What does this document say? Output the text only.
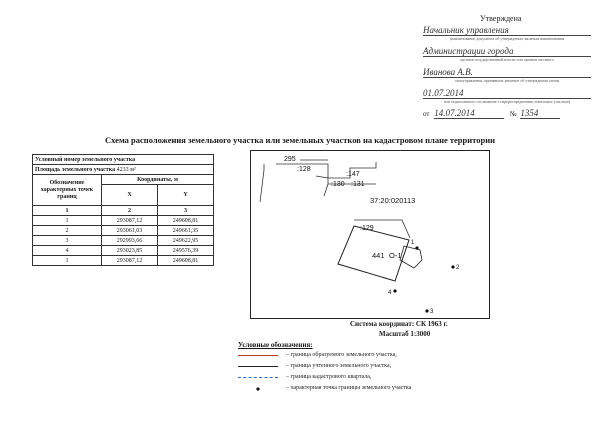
Утверждена
Начальник управления
(наименование документа об утверждении, включая наименования
Администрации города
органов государственной власти или органов местного
Иванова А.В.
самоуправления, принявших решение об утверждении схемы
01.07.2014
или подписавшего соглашение о перераспределении земельных участков)
от 14.07.2014	№ 1354
Схема расположения земельного участка или земельных участков на кадастровом плане территории
Условный номер земельного участка		
Площадь земельного участка 4233 м²		
Обозначение характерных точек границ	Координаты, м	
	X	Y
1	2	3
1	293087,12	249608,81
2	293061,03	249661,35
3	292993,66	249622,95
4	293023,85	249576,39
1	293087,12	249608,81
295
:128
:147
:130 :131
37:20:020113
:129
441 О-1
1
2
3
4
Система координат: СК 1963 г.
Масштаб 1:3000
Условные обозначения:
– граница образуемого земельного участка,
– граница учтенного земельного участка,
– граница кадастрового квартала,
– характерная точка границы земельного участка
